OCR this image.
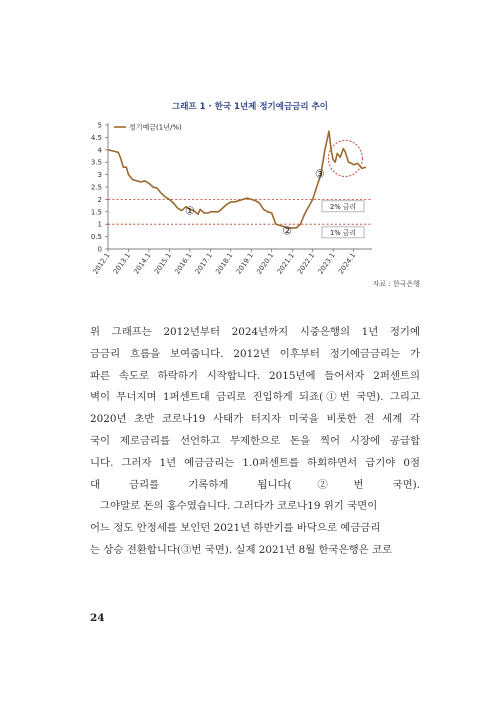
그래프 1 · 한국 1년제 정기예금금리 추이
0
0.5
1
1.5
2
2.5
3
3.5
4
4.5
5
2012.1 2013.1 2014.1 2015.1 2016.1 2017.1 2018.1 2019.1 2020.1 2021.1 2022.1 2023.1 2024.1
2% 금리
1% 금리
정기예금(1년/%)
①
②
③
자료 : 한국은행

위 그래프는 2012년부터 2024년까지 시중은행의 1년 정기예
금금리 흐름을 보여줍니다. 2012년 이후부터 정기예금금리는 가
파른 속도로 하락하기 시작합니다. 2015년에 들어서자 2퍼센트의
벽이 무너지며 1퍼센트대 금리로 진입하게 되죠(①번 국면). 그리고
2020년 초반 코로나19 사태가 터지자 미국을 비롯한 전 세계 각
국이 제로금리를 선언하고 무제한으로 돈을 찍어 시장에 공급합
니다. 그러자 1년 예금금리는 1.0퍼센트를 하회하면서 급기야 0점
대 금리를 기록하게 됩니다(②번 국면).

그야말로 돈의 홍수였습니다. 그러다가 코로나19 위기 국면이
어느 정도 안정세를 보인던 2021년 하반기를 바닥으로 예금금리
는 상승 전환합니다(③번 국면). 실제 2021년 8월 한국은행은 코로

24
